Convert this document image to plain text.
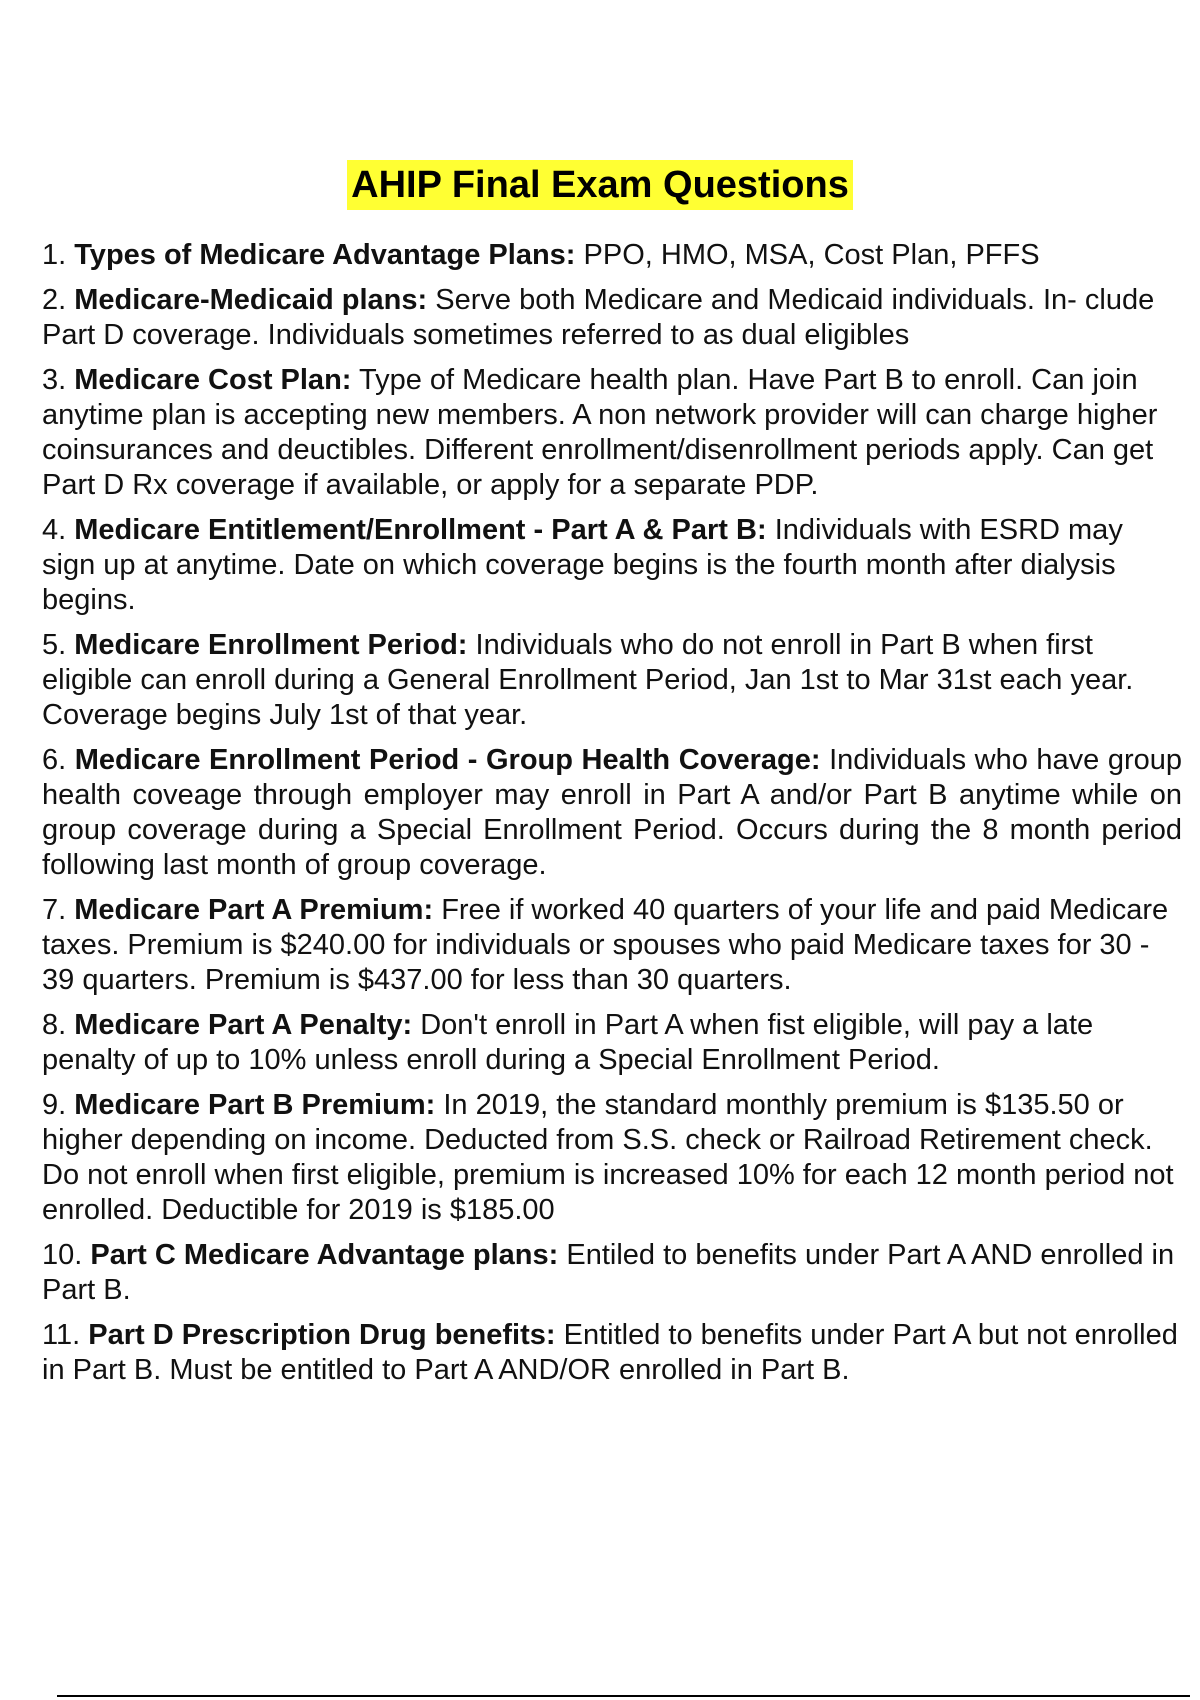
AHIP Final Exam Questions

1. Types of Medicare Advantage Plans: PPO, HMO, MSA, Cost Plan, PFFS

2. Medicare-Medicaid plans: Serve both Medicare and Medicaid individuals. In- clude Part D coverage. Individuals sometimes referred to as dual eligibles

3. Medicare Cost Plan: Type of Medicare health plan. Have Part B to enroll. Can join anytime plan is accepting new members. A non network provider will can charge higher coinsurances and deuctibles. Different enrollment/disenrollment periods apply. Can get Part D Rx coverage if available, or apply for a separate PDP.

4. Medicare Entitlement/Enrollment - Part A & Part B: Individuals with ESRD may sign up at anytime. Date on which coverage begins is the fourth month after dialysis begins.

5. Medicare Enrollment Period: Individuals who do not enroll in Part B when first eligible can enroll during a General Enrollment Period, Jan 1st to Mar 31st each year. Coverage begins July 1st of that year.

6. Medicare Enrollment Period - Group Health Coverage: Individuals who have group health coveage through employer may enroll in Part A and/or Part B anytime while on group coverage during a Special Enrollment Period. Occurs during the 8 month period following last month of group coverage.

7. Medicare Part A Premium: Free if worked 40 quarters of your life and paid Medicare taxes. Premium is $240.00 for individuals or spouses who paid Medicare taxes for 30 - 39 quarters. Premium is $437.00 for less than 30 quarters.

8. Medicare Part A Penalty: Don't enroll in Part A when fist eligible, will pay a late penalty of up to 10% unless enroll during a Special Enrollment Period.

9. Medicare Part B Premium: In 2019, the standard monthly premium is $135.50 or higher depending on income. Deducted from S.S. check or Railroad Retirement check. Do not enroll when first eligible, premium is increased 10% for each 12 month period not enrolled. Deductible for 2019 is $185.00

10. Part C Medicare Advantage plans: Entiled to benefits under Part A AND enrolled in Part B.

11. Part D Prescription Drug benefits: Entitled to benefits under Part A but not enrolled in Part B. Must be entitled to Part A AND/OR enrolled in Part B.
